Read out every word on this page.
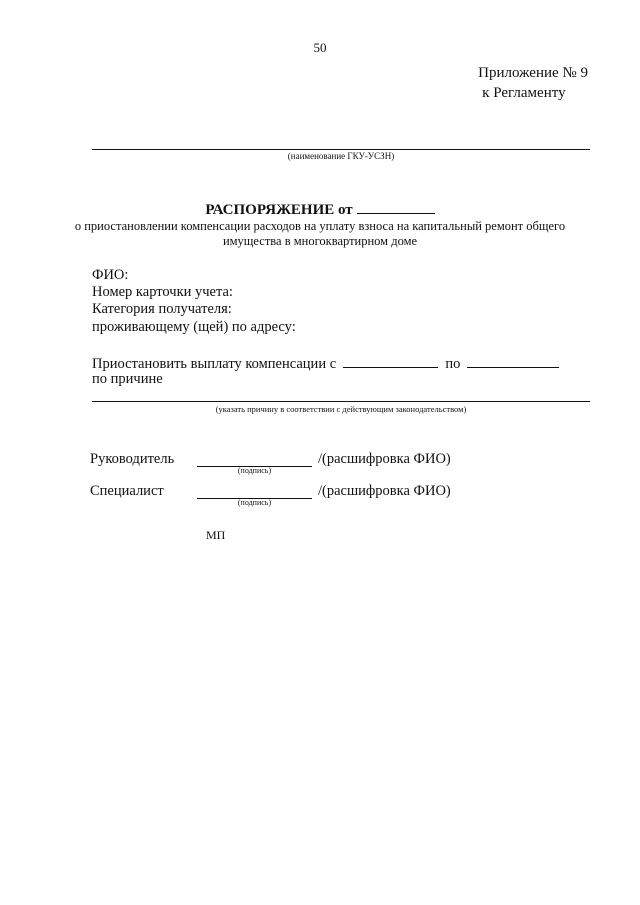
50
Приложение № 9
к Регламенту
(наименование ГКУ-УСЗН)
РАСПОРЯЖЕНИЕ от
о приостановлении компенсации расходов на уплату взноса на капитальный ремонт общего
имущества в многоквартирном доме
ФИО:
Номер карточки учета:
Категория получателя:
проживающему (щей) по адресу:
Приостановить выплату компенсации с	по
по причине
(указать причину в соответствии с действующим законодательством)
Руководитель
(подпись)
/(расшифровка ФИО)
Специалист
(подпись)
/(расшифровка ФИО)
МП
